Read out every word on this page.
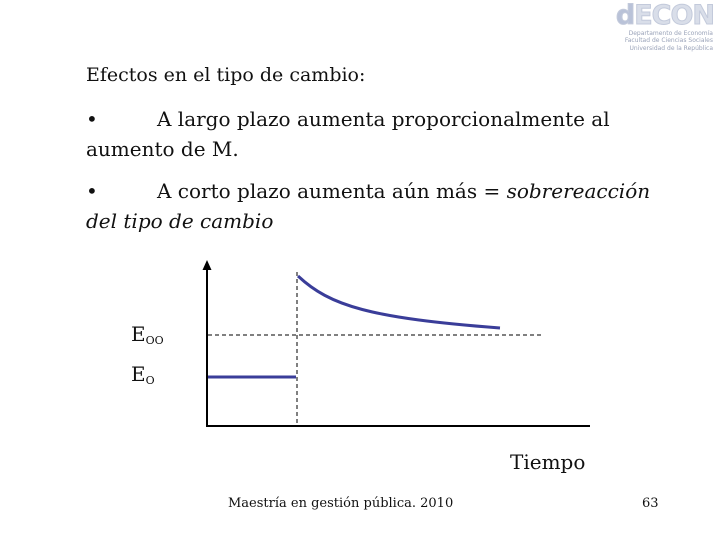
dECON
Departamento de Economía
Facultad de Ciencias Sociales
Universidad de la República
Efectos en el tipo de cambio:
•	A largo plazo aumenta proporcionalmente al aumento de M.
•	A corto plazo aumenta aún más = sobrereacción del tipo de cambio
$E_{OO}$
$E_O$
Tiempo
Maestría en gestión pública. 2010	63
